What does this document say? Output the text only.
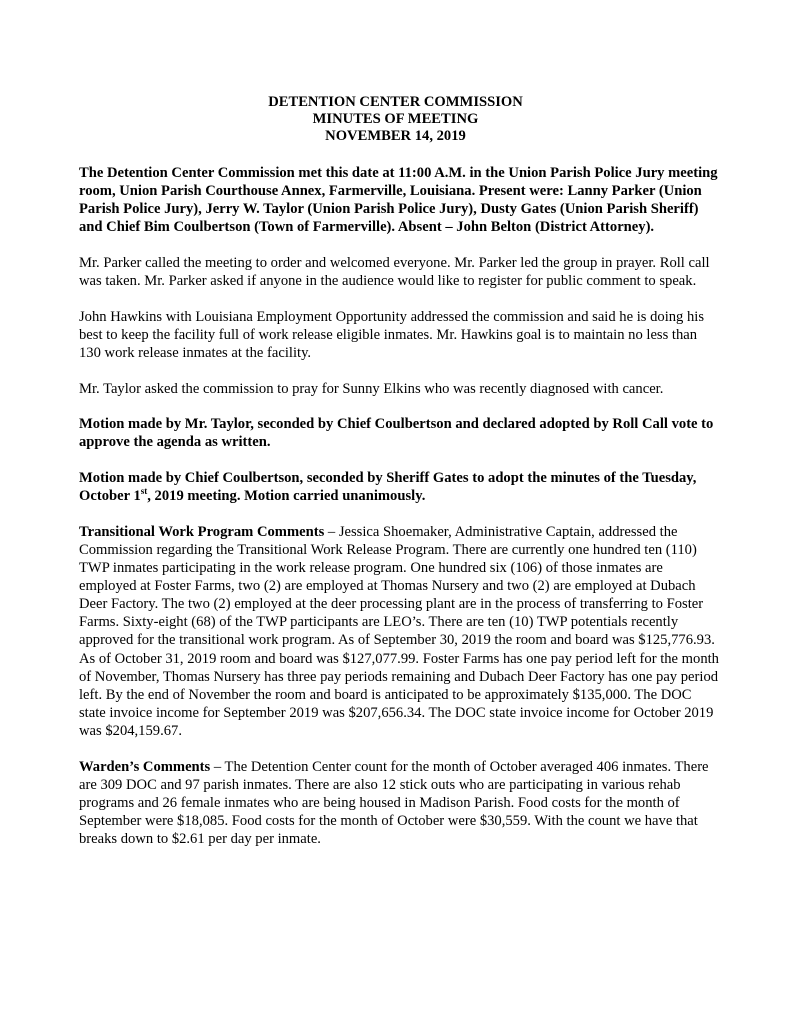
DETENTION CENTER COMMISSION
MINUTES OF MEETING
NOVEMBER 14, 2019

The Detention Center Commission met this date at 11:00 A.M. in the Union Parish Police Jury meeting room, Union Parish Courthouse Annex, Farmerville, Louisiana. Present were: Lanny Parker (Union Parish Police Jury), Jerry W. Taylor (Union Parish Police Jury), Dusty Gates (Union Parish Sheriff) and Chief Bim Coulbertson (Town of Farmerville). Absent – John Belton (District Attorney).

Mr. Parker called the meeting to order and welcomed everyone. Mr. Parker led the group in prayer. Roll call was taken. Mr. Parker asked if anyone in the audience would like to register for public comment to speak.

John Hawkins with Louisiana Employment Opportunity addressed the commission and said he is doing his best to keep the facility full of work release eligible inmates. Mr. Hawkins goal is to maintain no less than 130 work release inmates at the facility.

Mr. Taylor asked the commission to pray for Sunny Elkins who was recently diagnosed with cancer.

Motion made by Mr. Taylor, seconded by Chief Coulbertson and declared adopted by Roll Call vote to approve the agenda as written.

Motion made by Chief Coulbertson, seconded by Sheriff Gates to adopt the minutes of the Tuesday, October 1st, 2019 meeting. Motion carried unanimously.

Transitional Work Program Comments – Jessica Shoemaker, Administrative Captain, addressed the Commission regarding the Transitional Work Release Program. There are currently one hundred ten (110) TWP inmates participating in the work release program. One hundred six (106) of those inmates are employed at Foster Farms, two (2) are employed at Thomas Nursery and two (2) are employed at Dubach Deer Factory. The two (2) employed at the deer processing plant are in the process of transferring to Foster Farms. Sixty-eight (68) of the TWP participants are LEO’s. There are ten (10) TWP potentials recently approved for the transitional work program. As of September 30, 2019 the room and board was $125,776.93. As of October 31, 2019 room and board was $127,077.99. Foster Farms has one pay period left for the month of November, Thomas Nursery has three pay periods remaining and Dubach Deer Factory has one pay period left. By the end of November the room and board is anticipated to be approximately $135,000. The DOC state invoice income for September 2019 was $207,656.34. The DOC state invoice income for October 2019 was $204,159.67.

Warden’s Comments – The Detention Center count for the month of October averaged 406 inmates. There are 309 DOC and 97 parish inmates. There are also 12 stick outs who are participating in various rehab programs and 26 female inmates who are being housed in Madison Parish. Food costs for the month of September were $18,085. Food costs for the month of October were $30,559. With the count we have that breaks down to $2.61 per day per inmate.
